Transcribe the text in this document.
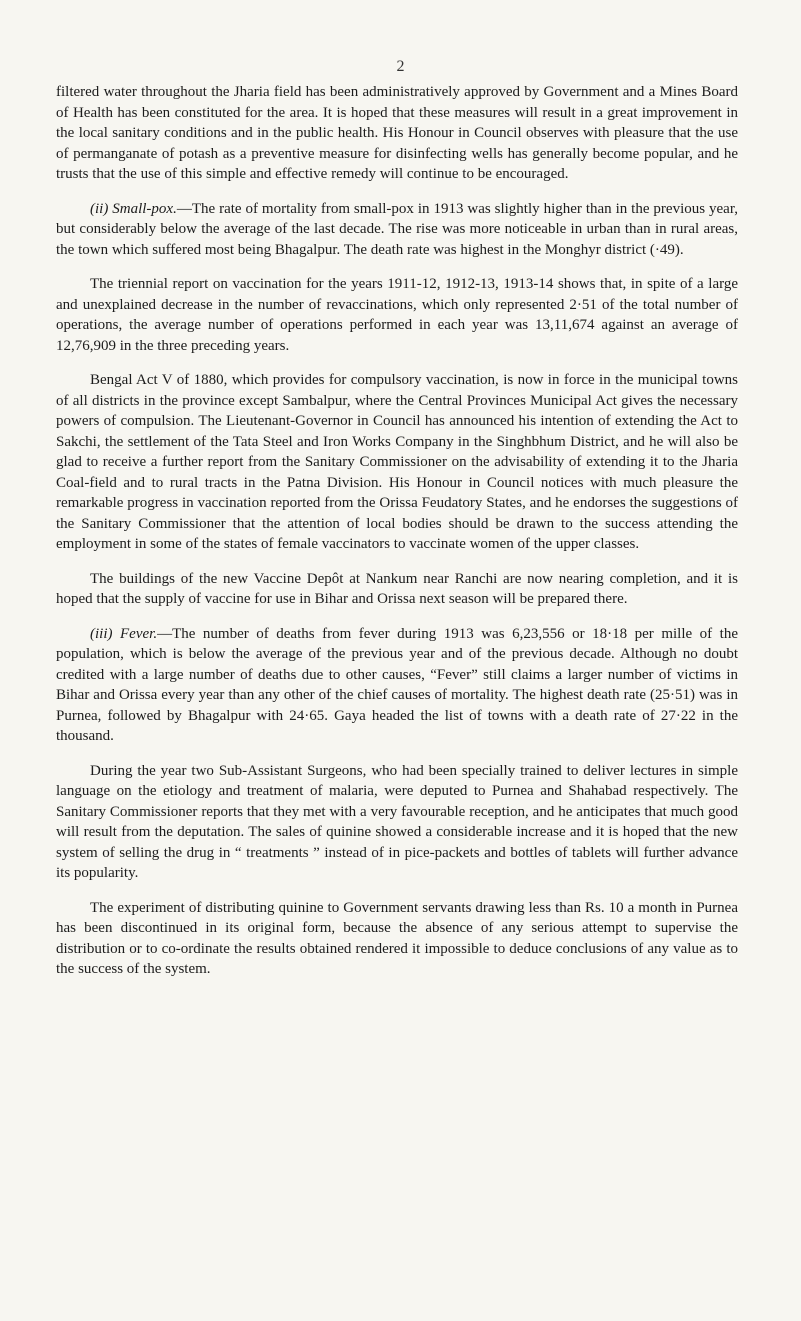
2

filtered water throughout the Jharia field has been administratively approved by Government and a Mines Board of Health has been constituted for the area. It is hoped that these measures will result in a great improvement in the local sanitary conditions and in the public health. His Honour in Council observes with pleasure that the use of permanganate of potash as a preventive measure for disinfecting wells has generally become popular, and he trusts that the use of this simple and effective remedy will continue to be encouraged.

(ii) Small-pox.—The rate of mortality from small-pox in 1913 was slightly higher than in the previous year, but considerably below the average of the last decade. The rise was more noticeable in urban than in rural areas, the town which suffered most being Bhagalpur. The death rate was highest in the Monghyr district (·49).

The triennial report on vaccination for the years 1911-12, 1912-13, 1913-14 shows that, in spite of a large and unexplained decrease in the number of revaccinations, which only represented 2·51 of the total number of operations, the average number of operations performed in each year was 13,11,674 against an average of 12,76,909 in the three preceding years.

Bengal Act V of 1880, which provides for compulsory vaccination, is now in force in the municipal towns of all districts in the province except Sambalpur, where the Central Provinces Municipal Act gives the necessary powers of compulsion. The Lieutenant-Governor in Council has announced his intention of extending the Act to Sakchi, the settlement of the Tata Steel and Iron Works Company in the Singhbhum District, and he will also be glad to receive a further report from the Sanitary Commissioner on the advisability of extending it to the Jharia Coal-field and to rural tracts in the Patna Division. His Honour in Council notices with much pleasure the remarkable progress in vaccination reported from the Orissa Feudatory States, and he endorses the suggestions of the Sanitary Commissioner that the attention of local bodies should be drawn to the success attending the employment in some of the states of female vaccinators to vaccinate women of the upper classes.

The buildings of the new Vaccine Depôt at Nankum near Ranchi are now nearing completion, and it is hoped that the supply of vaccine for use in Bihar and Orissa next season will be prepared there.

(iii) Fever.—The number of deaths from fever during 1913 was 6,23,556 or 18·18 per mille of the population, which is below the average of the previous year and of the previous decade. Although no doubt credited with a large number of deaths due to other causes, “Fever” still claims a larger number of victims in Bihar and Orissa every year than any other of the chief causes of mortality. The highest death rate (25·51) was in Purnea, followed by Bhagalpur with 24·65. Gaya headed the list of towns with a death rate of 27·22 in the thousand.

During the year two Sub-Assistant Surgeons, who had been specially trained to deliver lectures in simple language on the etiology and treatment of malaria, were deputed to Purnea and Shahabad respectively. The Sanitary Commissioner reports that they met with a very favourable reception, and he anticipates that much good will result from the deputation. The sales of quinine showed a considerable increase and it is hoped that the new system of selling the drug in “ treatments ” instead of in pice-packets and bottles of tablets will further advance its popularity.

The experiment of distributing quinine to Government servants drawing less than Rs. 10 a month in Purnea has been discontinued in its original form, because the absence of any serious attempt to supervise the distribution or to co-ordinate the results obtained rendered it impossible to deduce conclusions of any value as to the success of the system.
